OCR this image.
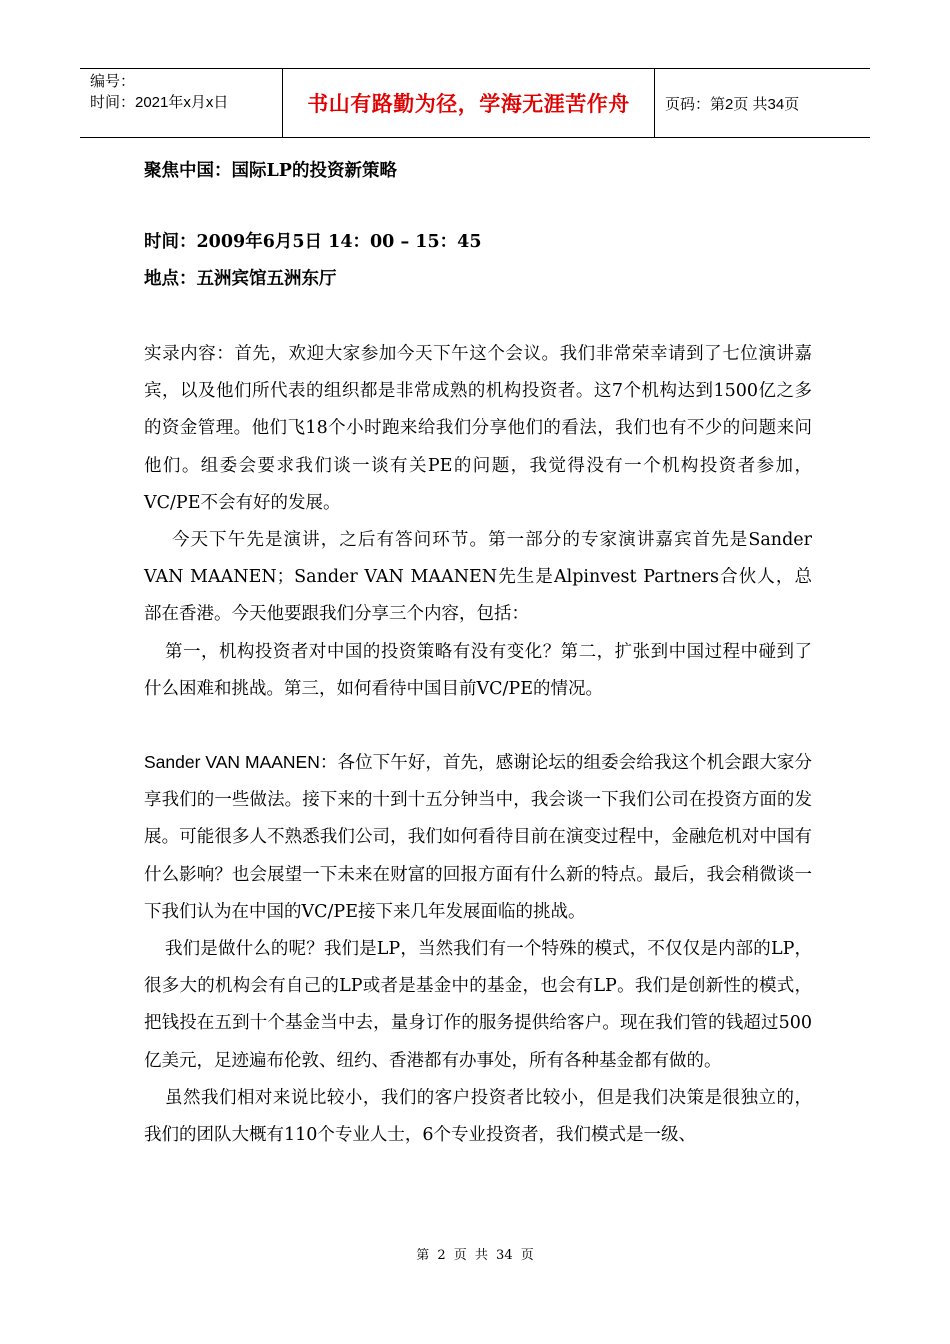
编号：
时间：2021年x月x日	书山有路勤为径，学海无涯苦作舟	页码：第2页 共34页

聚焦中国：国际LP的投资新策略

时间：2009年6月5日 14：00 – 15：45

地点：五洲宾馆五洲东厅

实录内容：首先，欢迎大家参加今天下午这个会议。我们非常荣幸请到了七位演讲嘉宾，以及他们所代表的组织都是非常成熟的机构投资者。这7个机构达到1500亿之多的资金管理。他们飞18个小时跑来给我们分享他们的看法，我们也有不少的问题来问他们。组委会要求我们谈一谈有关PE的问题，我觉得没有一个机构投资者参加，VC/PE不会有好的发展。

今天下午先是演讲，之后有答问环节。第一部分的专家演讲嘉宾首先是Sander VAN MAANEN；Sander VAN MAANEN先生是Alpinvest Partners合伙人，总部在香港。今天他要跟我们分享三个内容，包括：

第一，机构投资者对中国的投资策略有没有变化？第二，扩张到中国过程中碰到了什么困难和挑战。第三，如何看待中国目前VC/PE的情况。

Sander VAN MAANEN：各位下午好，首先，感谢论坛的组委会给我这个机会跟大家分享我们的一些做法。接下来的十到十五分钟当中，我会谈一下我们公司在投资方面的发展。可能很多人不熟悉我们公司，我们如何看待目前在演变过程中，金融危机对中国有什么影响？也会展望一下未来在财富的回报方面有什么新的特点。最后，我会稍微谈一下我们认为在中国的VC/PE接下来几年发展面临的挑战。

我们是做什么的呢？我们是LP，当然我们有一个特殊的模式，不仅仅是内部的LP，很多大的机构会有自己的LP或者是基金中的基金，也会有LP。我们是创新性的模式，把钱投在五到十个基金当中去，量身订作的服务提供给客户。现在我们管的钱超过500亿美元，足迹遍布伦敦、纽约、香港都有办事处，所有各种基金都有做的。

虽然我们相对来说比较小，我们的客户投资者比较小，但是我们决策是很独立的，我们的团队大概有110个专业人士，6个专业投资者，我们模式是一级、

第 2 页 共 34 页
